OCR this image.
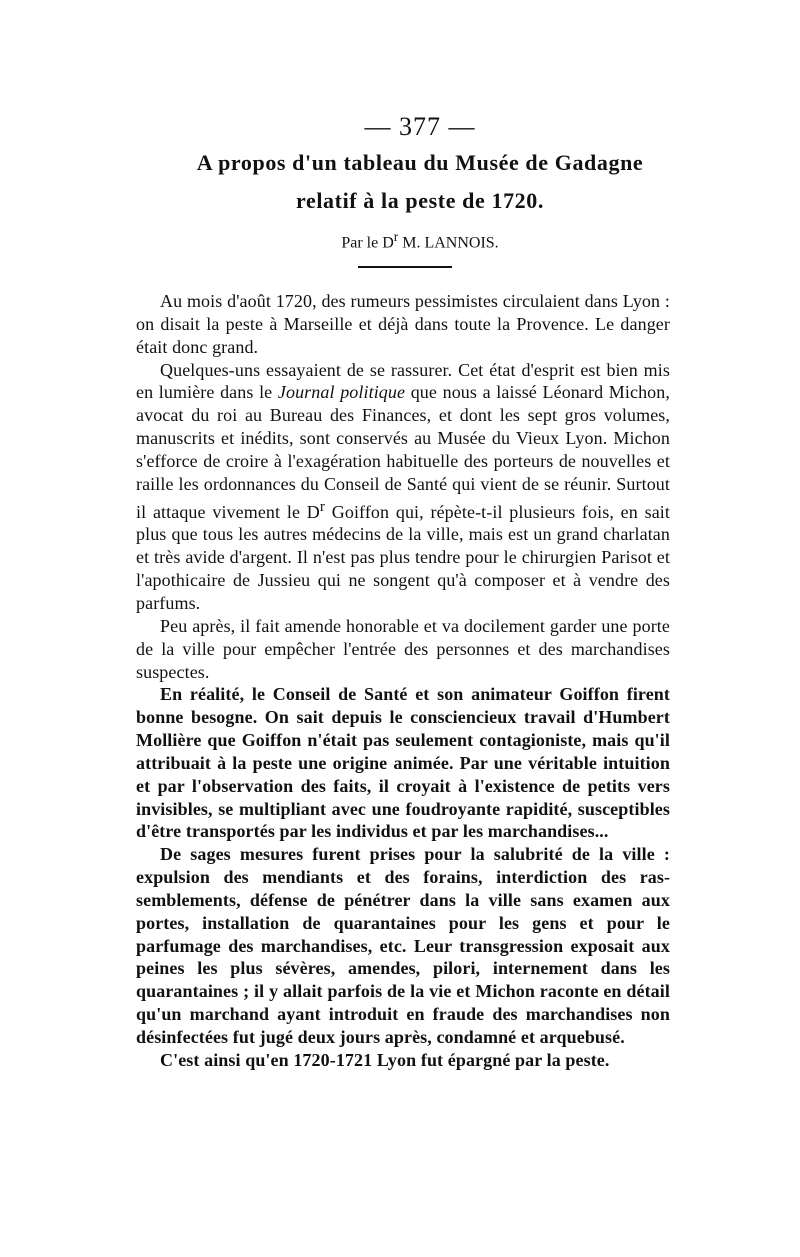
— 377 —
A propos d'un tableau du Musée de Gadagne
relatif à la peste de 1720.
Par le $D^r$ M. LANNOIS.

Au mois d'août 1720, des rumeurs pessimistes circulaient dans Lyon : on disait la peste à Marseille et déjà dans toute la Provence. Le danger était donc grand.

Quelques-uns essayaient de se rassurer. Cet état d'esprit est bien mis en lumière dans le Journal politique que nous a laissé Léonard Michon, avocat du roi au Bureau des Finances, et dont les sept gros volumes, manuscrits et inédits, sont conservés au Musée du Vieux Lyon. Michon s'efforce de croire à l'exagération habituelle des porteurs de nouvelles et raille les ordonnances du Conseil de Santé qui vient de se réunir. Surtout il attaque vivement le $D^r$ Goiffon qui, répète-t-il plusieurs fois, en sait plus que tous les autres médecins de la ville, mais est un grand charlatan et très avide d'argent. Il n'est pas plus tendre pour le chirurgien Parisot et l'apothicaire de Jussieu qui ne songent qu'à composer et à vendre des parfums.

Peu après, il fait amende honorable et va docilement garder une porte de la ville pour empêcher l'entrée des personnes et des marchandises suspectes.

En réalité, le Conseil de Santé et son animateur Goiffon firent bonne besogne. On sait depuis le consciencieux travail d'Humbert Mollière que Goiffon n'était pas seulement contagioniste, mais qu'il attribuait à la peste une origine animée. Par une véritable intuition et par l'observation des faits, il croyait à l'existence de petits vers invisibles, se multipliant avec une foudroyante rapidité, susceptibles d'être transportés par les individus et par les marchandises...

De sages mesures furent prises pour la salubrité de la ville : expulsion des mendiants et des forains, interdiction des rassemblements, défense de pénétrer dans la ville sans examen aux portes, installation de quarantaines pour les gens et pour le parfumage des marchandises, etc. Leur transgression exposait aux peines les plus sévères, amendes, pilori, internement dans les quarantaines ; il y allait parfois de la vie et Michon raconte en détail qu'un marchand ayant introduit en fraude des marchandises non désinfectées fut jugé deux jours après, condamné et arquebusé.

C'est ainsi qu'en 1720-1721 Lyon fut épargné par la peste.
